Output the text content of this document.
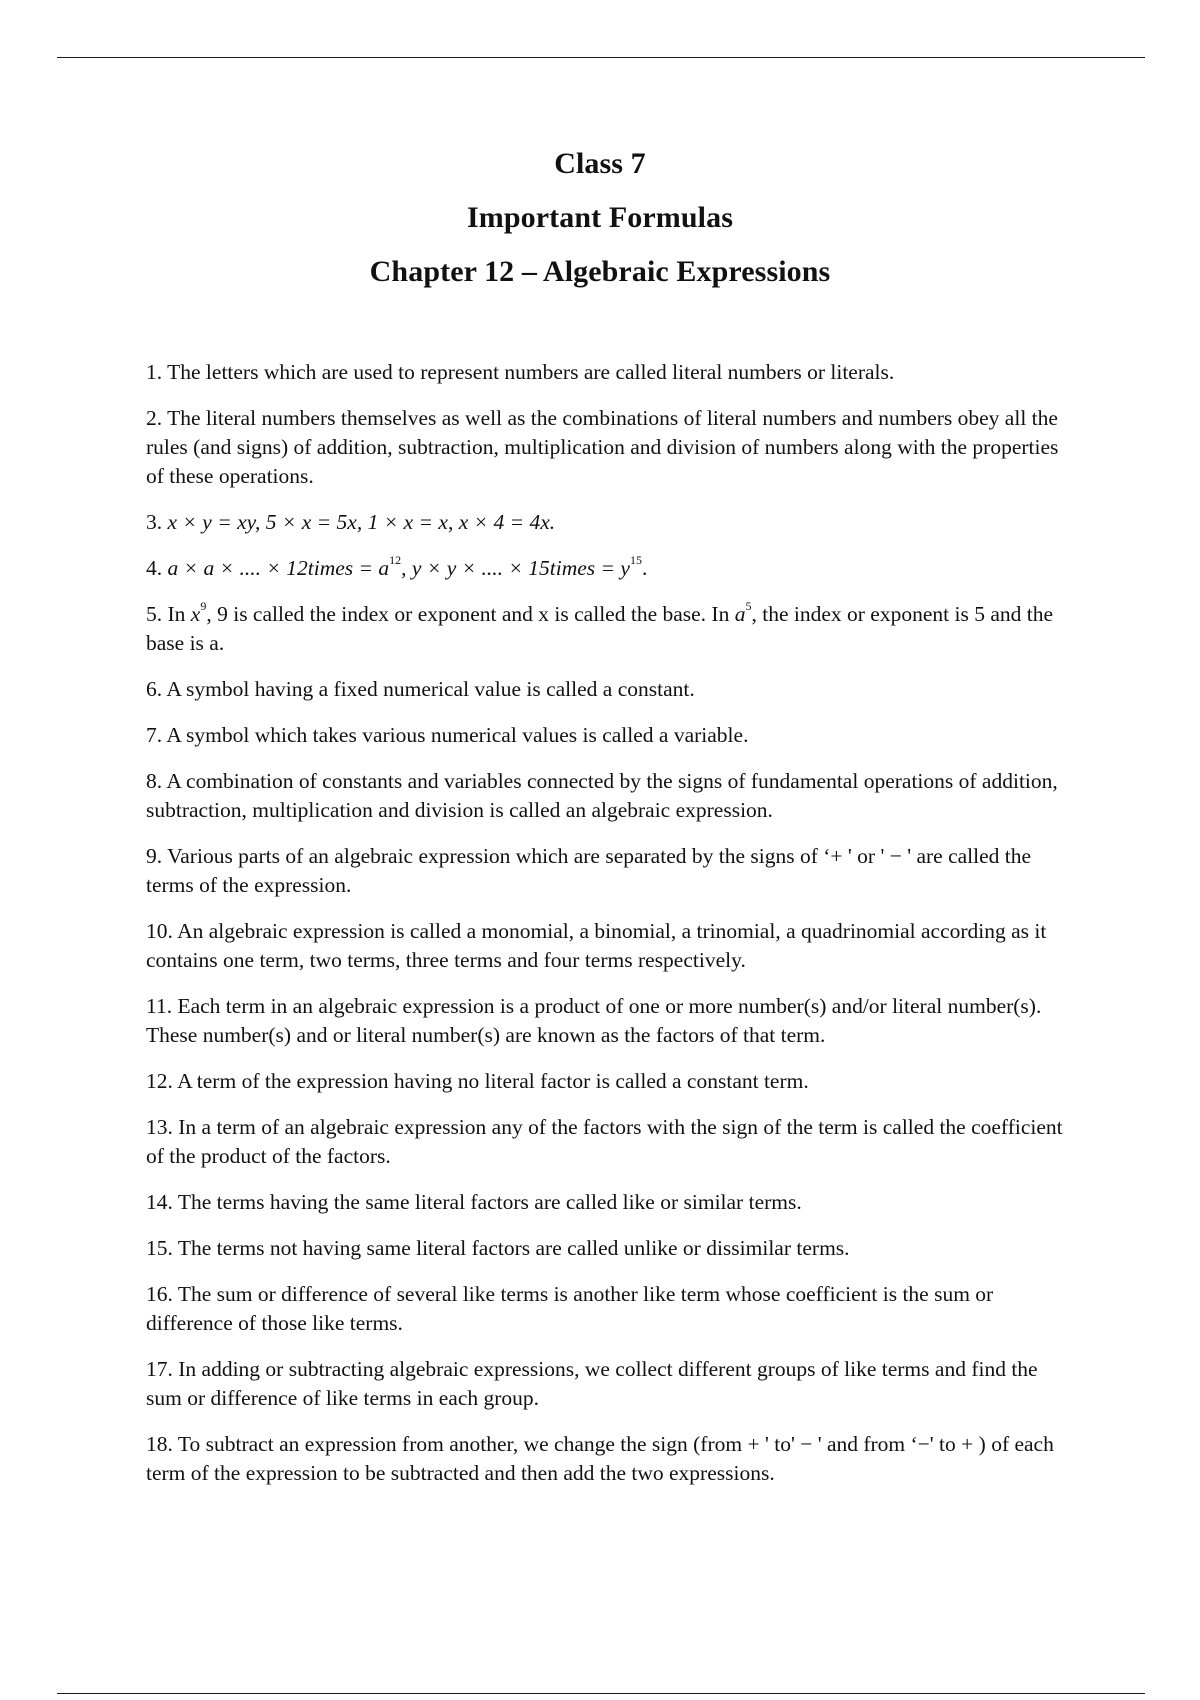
Class 7
Important Formulas
Chapter 12 – Algebraic Expressions
1. The letters which are used to represent numbers are called literal numbers or literals.
2. The literal numbers themselves as well as the combinations of literal numbers and numbers obey all the rules (and signs) of addition, subtraction, multiplication and division of numbers along with the properties of these operations.
3. x × y = xy, 5 × x = 5x, 1 × x = x, x × 4 = 4x.
4. a × a × .... × 12times = $a^{12}$, y × y × .... × 15times = $y^{15}$.
5. In $x^9$, 9 is called the index or exponent and x is called the base. In $a^5$, the index or exponent is 5 and the base is a.
6. A symbol having a fixed numerical value is called a constant.
7. A symbol which takes various numerical values is called a variable.
8. A combination of constants and variables connected by the signs of fundamental operations of addition, subtraction, multiplication and division is called an algebraic expression.
9. Various parts of an algebraic expression which are separated by the signs of ‘+ ' or ' − ' are called the terms of the expression.
10. An algebraic expression is called a monomial, a binomial, a trinomial, a quadrinomial according as it contains one term, two terms, three terms and four terms respectively.
11. Each term in an algebraic expression is a product of one or more number(s) and/or literal number(s). These number(s) and or literal number(s) are known as the factors of that term.
12. A term of the expression having no literal factor is called a constant term.
13. In a term of an algebraic expression any of the factors with the sign of the term is called the coefficient of the product of the factors.
14. The terms having the same literal factors are called like or similar terms.
15. The terms not having same literal factors are called unlike or dissimilar terms.
16. The sum or difference of several like terms is another like term whose coefficient is the sum or difference of those like terms.
17. In adding or subtracting algebraic expressions, we collect different groups of like terms and find the sum or difference of like terms in each group.
18. To subtract an expression from another, we change the sign (from + ' to' − ' and from ‘−' to + ) of each term of the expression to be subtracted and then add the two expressions.
